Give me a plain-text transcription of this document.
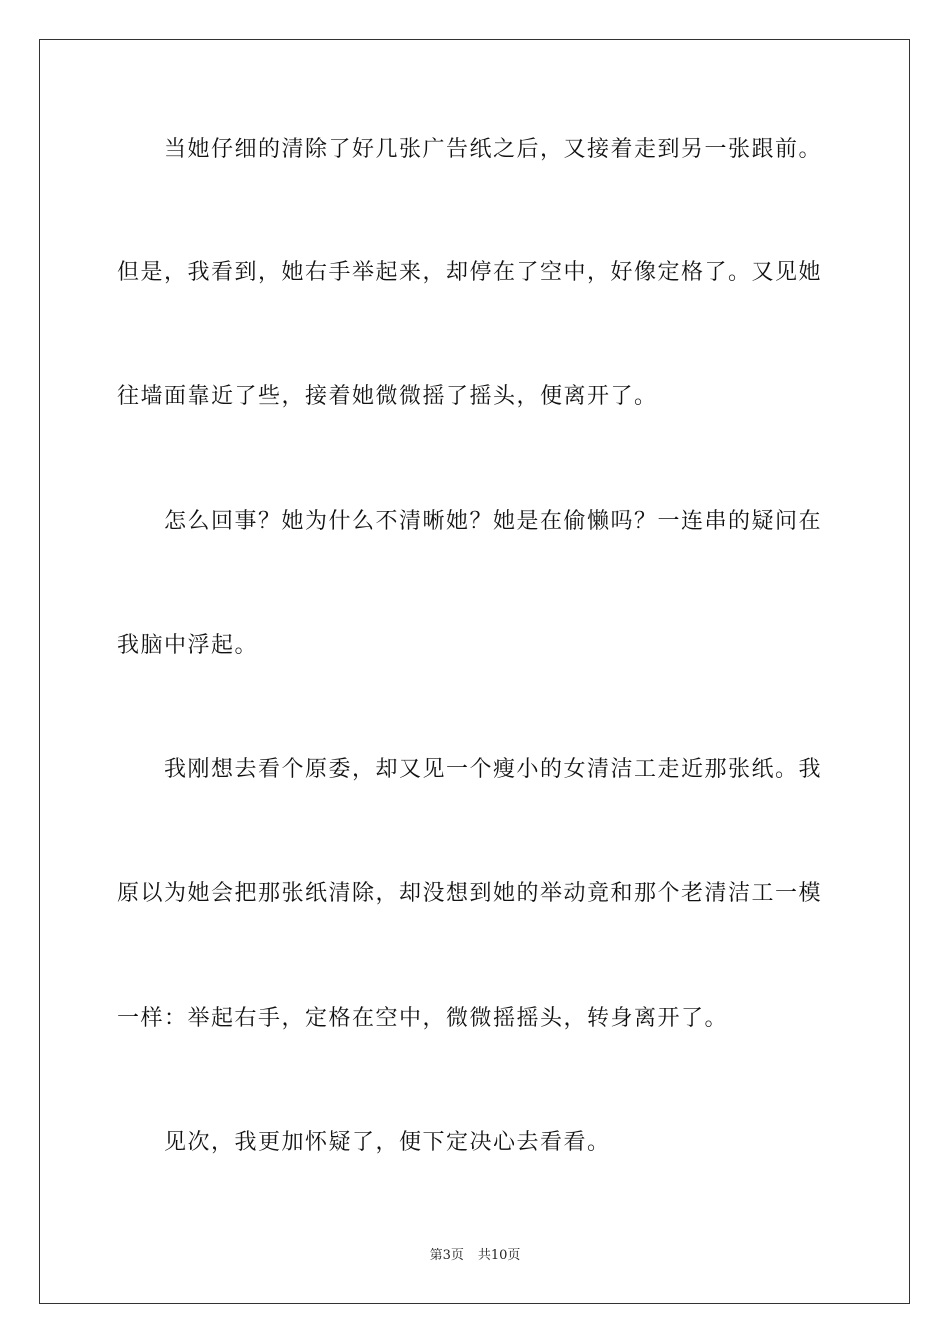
当她仔细的清除了好几张广告纸之后，又接着走到另一张跟前。
但是，我看到，她右手举起来，却停在了空中，好像定格了。又见她
往墙面靠近了些，接着她微微摇了摇头，便离开了。
怎么回事？她为什么不清晰她？她是在偷懒吗？一连串的疑问在
我脑中浮起。
我刚想去看个原委，却又见一个瘦小的女清洁工走近那张纸。我
原以为她会把那张纸清除，却没想到她的举动竟和那个老清洁工一模
一样：举起右手，定格在空中，微微摇摇头，转身离开了。
见次，我更加怀疑了，便下定决心去看看。
第3页 共10页
